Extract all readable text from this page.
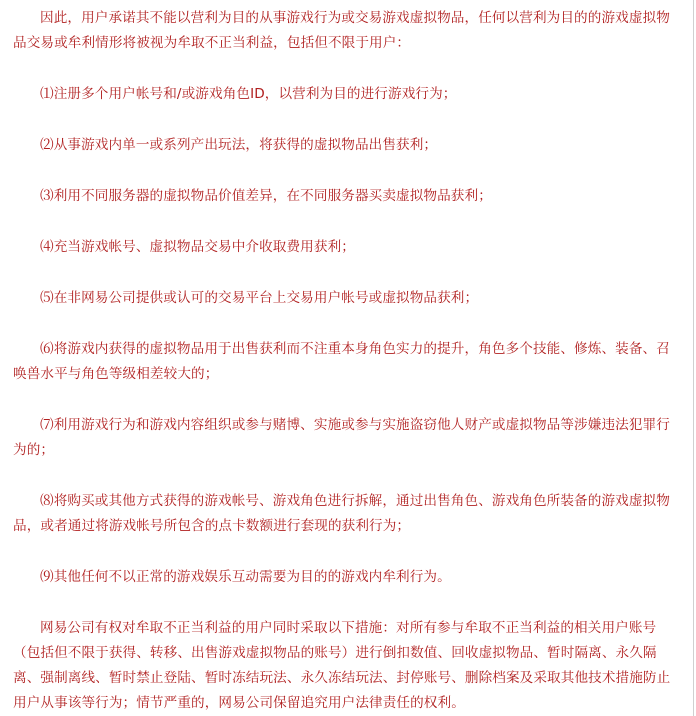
因此，用户承诺其不能以营利为目的从事游戏行为或交易游戏虚拟物品，任何以营利为目的的游戏虚拟物品交易或牟利情形将被视为牟取不正当利益，包括但不限于用户：

⑴注册多个用户帐号和/或游戏角色ID，以营利为目的进行游戏行为；

⑵从事游戏内单一或系列产出玩法，将获得的虚拟物品出售获利；

⑶利用不同服务器的虚拟物品价值差异，在不同服务器买卖虚拟物品获利；

⑷充当游戏帐号、虚拟物品交易中介收取费用获利；

⑸在非网易公司提供或认可的交易平台上交易用户帐号或虚拟物品获利；

⑹将游戏内获得的虚拟物品用于出售获利而不注重本身角色实力的提升，角色多个技能、修炼、装备、召唤兽水平与角色等级相差较大的；

⑺利用游戏行为和游戏内容组织或参与赌博、实施或参与实施盗窃他人财产或虚拟物品等涉嫌违法犯罪行为的；

⑻将购买或其他方式获得的游戏帐号、游戏角色进行拆解，通过出售角色、游戏角色所装备的游戏虚拟物品，或者通过将游戏帐号所包含的点卡数额进行套现的获利行为；

⑼其他任何不以正常的游戏娱乐互动需要为目的的游戏内牟利行为。

网易公司有权对牟取不正当利益的用户同时采取以下措施：对所有参与牟取不正当利益的相关用户账号（包括但不限于获得、转移、出售游戏虚拟物品的账号）进行倒扣数值、回收虚拟物品、暂时隔离、永久隔离、强制离线、暂时禁止登陆、暂时冻结玩法、永久冻结玩法、封停账号、删除档案及采取其他技术措施防止用户从事该等行为；情节严重的，网易公司保留追究用户法律责任的权利。
